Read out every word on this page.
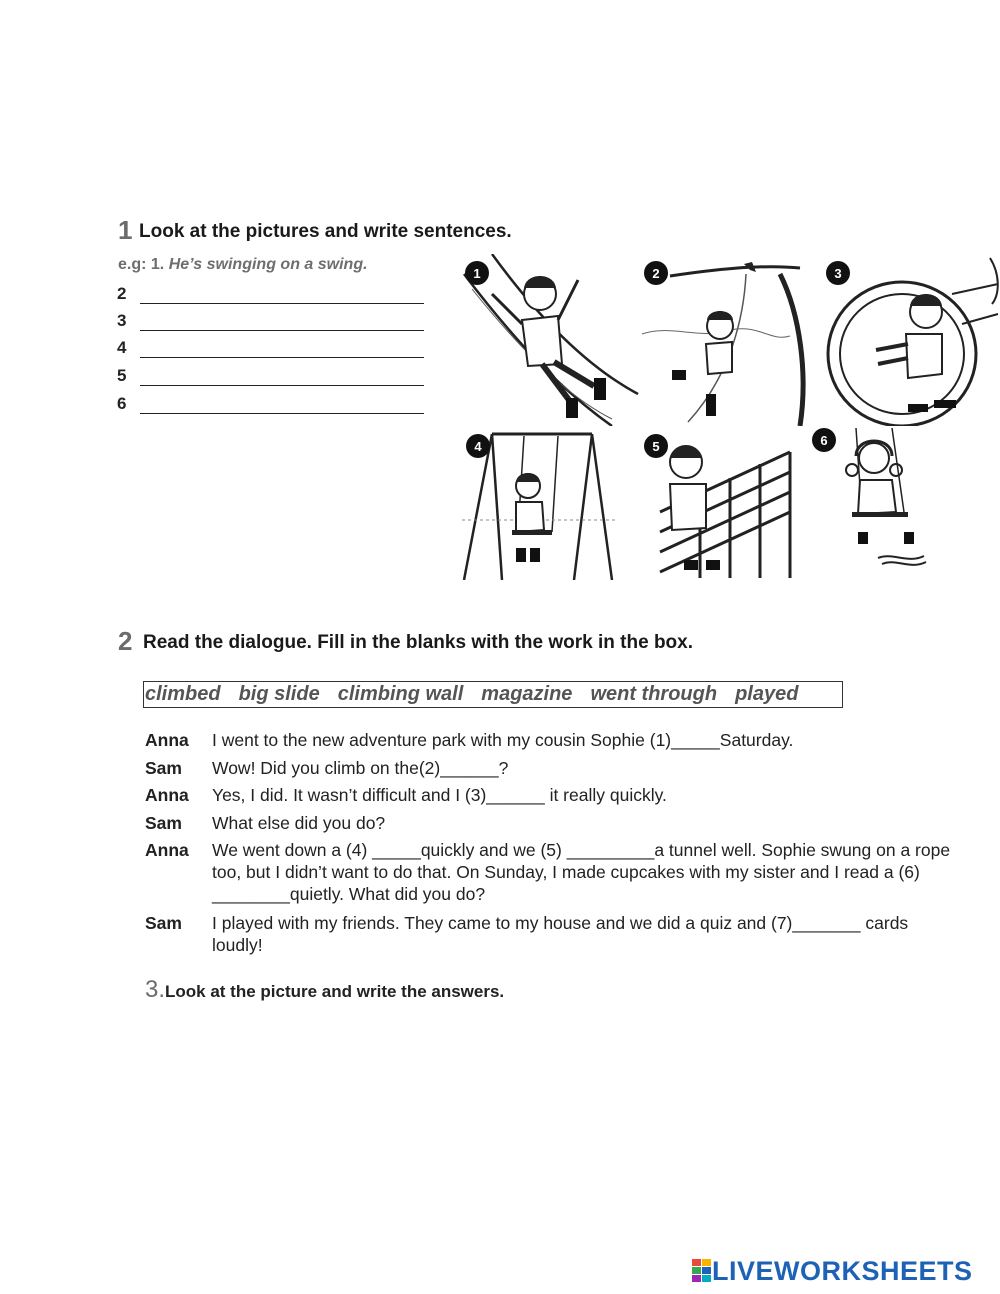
1 Look at the pictures and write sentences.
e.g: 1. He’s swinging on a swing.
2
3
4
5
6
1	2	3
4	5	6
2 Read the dialogue. Fill in the blanks with the work in the box.
climbed big slide climbing wall magazine went through played
Anna	I went to the new adventure park with my cousin Sophie (1)_____Saturday.
Sam	Wow! Did you climb on the(2)______?
Anna	Yes, I did. It wasn’t difficult and I (3)______ it really quickly.
Sam	What else did you do?
Anna	We went down a (4) _____quickly and we (5) _________a tunnel well. Sophie swung on a rope too, but I didn’t want to do that. On Sunday, I made cupcakes with my sister and I read a (6) ________quietly. What did you do?
Sam	I played with my friends. They came to my house and we did a quiz and (7)_______ cards loudly!
3.Look at the picture and write the answers.
LIVEWORKSHEETS
